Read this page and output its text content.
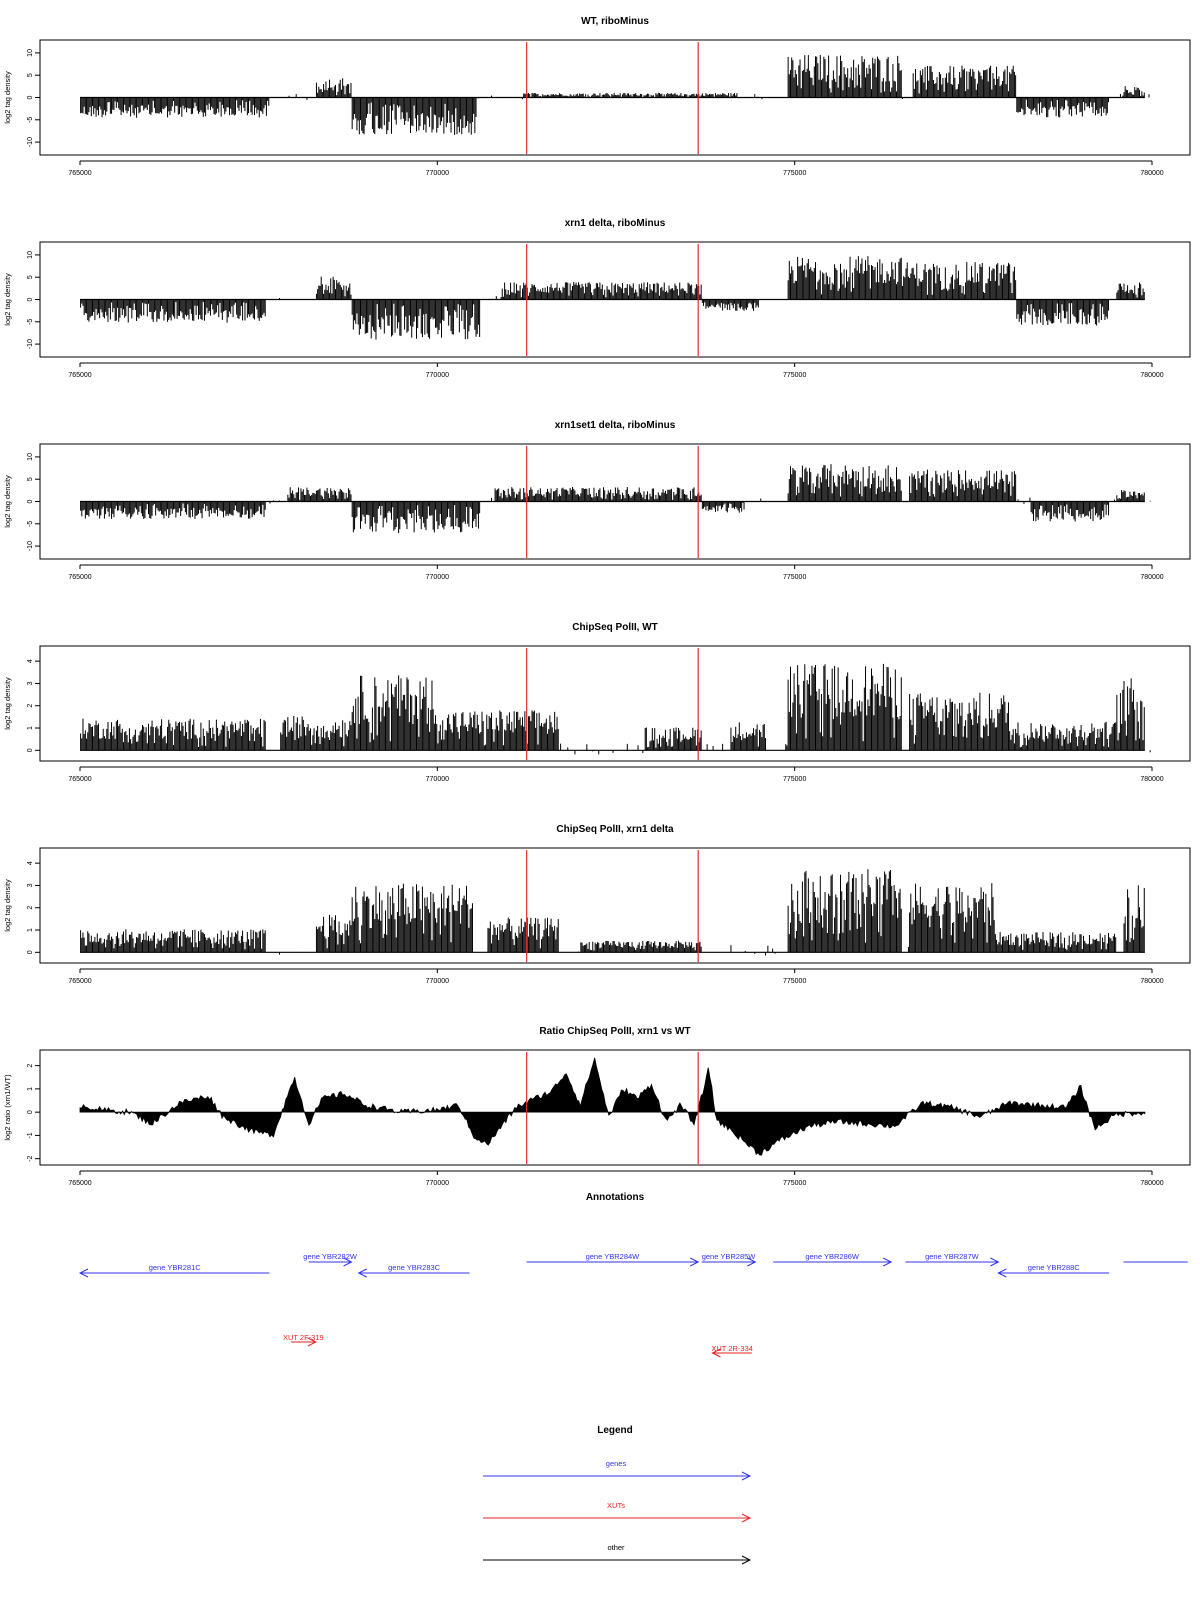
WT, riboMinus
log2 tag density
-10
-5
0
5
10
765000	770000	775000	780000
xrn1 delta, riboMinus
log2 tag density
-10
-5
0
5
10
765000	770000	775000	780000
xrn1set1 delta, riboMinus
log2 tag density
-10
-5
0
5
10
765000	770000	775000	780000
ChipSeq PolII, WT
log2 tag density
0
1
2
3
4
765000	770000	775000	780000
ChipSeq PolII, xrn1 delta
log2 tag density
0
1
2
3
4
765000	770000	775000	780000
Ratio ChipSeq PolII, xrn1 vs WT
log2 ratio (xrn1/WT)
-2
-1
0
1
2
765000	770000	775000	780000
Annotations
gene YBR281C
gene YBR282W
gene YBR283C
gene YBR284W	gene YBR285W	gene YBR286W	gene YBR287W
gene YBR288C
XUT 2F-319
XUT 2R-334
Legend
genes
XUTs
other
